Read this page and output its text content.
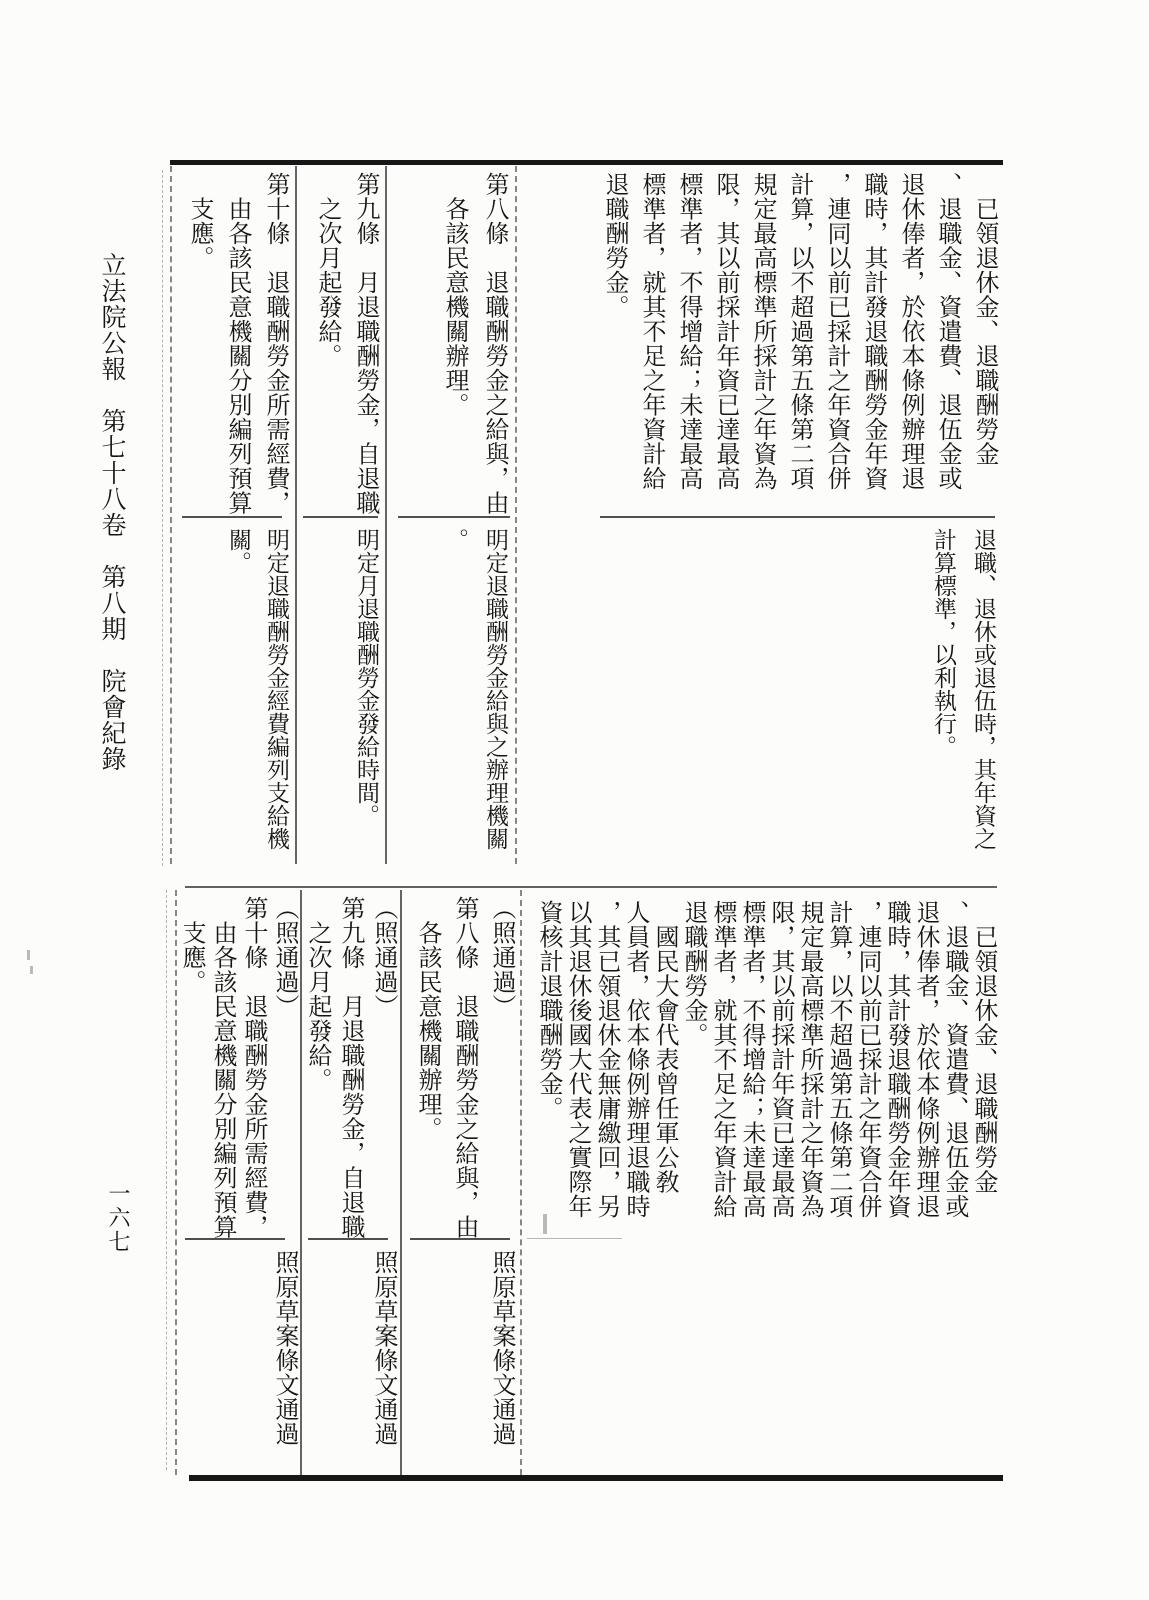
立法院公報　第七十八卷　第八期　院會紀錄
一六七
　已領退休金、退職酬勞金
、退職金、資遣費、退伍金或
退休俸者，於依本條例辦理退
職時，其計發退職酬勞金年資
，連同以前已採計之年資合併
計算，以不超過第五條第二項
規定最高標準所採計之年資為
限，其以前採計年資已達最高
標準者，不得增給；未達最高
標準者，就其不足之年資計給
退職酬勞金。
退職、退休或退伍時，其年資之
計算標準，以利執行。
第八條　退職酬勞金之給與，由
　各該民意機關辦理。
明定退職酬勞金給與之辦理機關
。
第九條　月退職酬勞金，自退職
　之次月起發給。
明定月退職酬勞金發給時間。
第十條　退職酬勞金所需經費，
　由各該民意機關分別編列預算
　支應。
明定退職酬勞金經費編列支給機
關。
　已領退休金、退職酬勞金
、退職金、資遣費、退伍金或
退休俸者，於依本條例辦理退
職時，其計發退職酬勞金年資
，連同以前已採計之年資合併
計算，以不超過第五條第二項
規定最高標準所採計之年資為
限，其以前採計年資已達最高
標準者，不得增給；未達最高
標準者，就其不足之年資計給
退職酬勞金。
　國民大會代表曾任軍公敎
人員者，依本條例辦理退職時
，其已領退休金無庸繳回，另
以其退休後國大代表之實際年
資核計退職酬勞金。
（照通過）
第八條　退職酬勞金之給與，由
　各該民意機關辦理。
照原草案條文通過
（照通過）
第九條　月退職酬勞金，自退職
　之次月起發給。
照原草案條文通過
（照通過）
第十條　退職酬勞金所需經費，
　由各該民意機關分別編列預算
　支應。
照原草案條文通過
